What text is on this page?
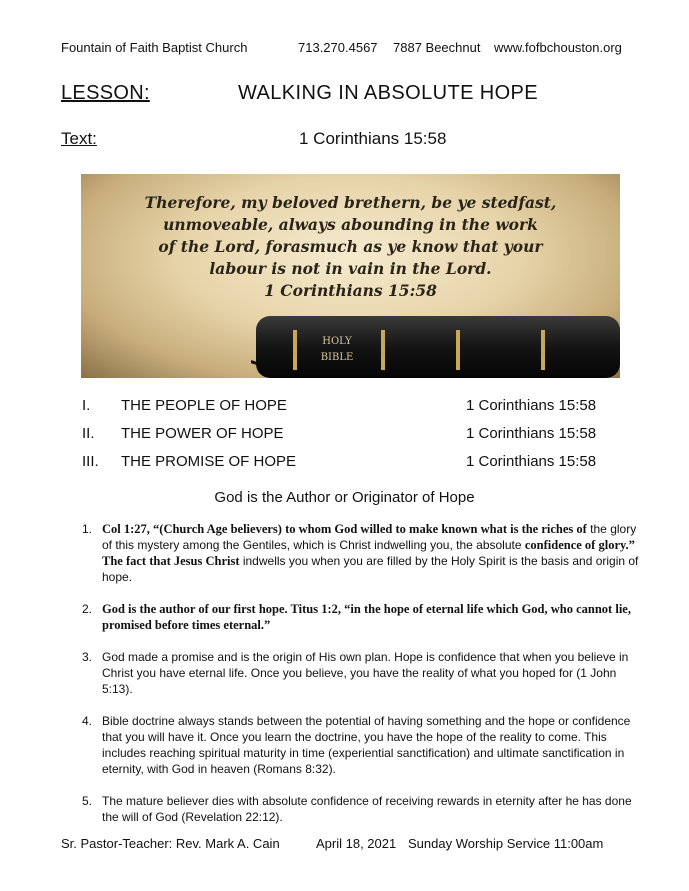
Fountain of Faith Baptist Church	713.270.4567 7887 Beechnut www.fofbchouston.org
LESSON:	WALKING IN ABSOLUTE HOPE
Text:	1 Corinthians 15:58
Therefore, my beloved brethern, be ye stedfast,
unmoveable, always abounding in the work
of the Lord, forasmuch as ye know that your
labour is not in vain in the Lord.
1 Corinthians 15:58
HOLY
BIBLE
I. THE PEOPLE OF HOPE	1 Corinthians 15:58
II. THE POWER OF HOPE	1 Corinthians 15:58
III. THE PROMISE OF HOPE	1 Corinthians 15:58
God is the Author or Originator of Hope
1. Col 1:27, “(Church Age believers) to whom God willed to make known what is the riches of the glory of this mystery among the Gentiles, which is Christ indwelling you, the absolute confidence of glory.” The fact that Jesus Christ indwells you when you are filled by the Holy Spirit is the basis and origin of hope.
2. God is the author of our first hope. Titus 1:2, “in the hope of eternal life which God, who cannot lie, promised before times eternal.”
3. God made a promise and is the origin of His own plan. Hope is confidence that when you believe in Christ you have eternal life. Once you believe, you have the reality of what you hoped for (1 John 5:13).
4. Bible doctrine always stands between the potential of having something and the hope or confidence that you will have it. Once you learn the doctrine, you have the hope of the reality to come. This includes reaching spiritual maturity in time (experiential sanctification) and ultimate sanctification in eternity, with God in heaven (Romans 8:32).
5. The mature believer dies with absolute confidence of receiving rewards in eternity after he has done the will of God (Revelation 22:12).
Sr. Pastor-Teacher: Rev. Mark A. Cain	April 18, 2021 Sunday Worship Service 11:00am
